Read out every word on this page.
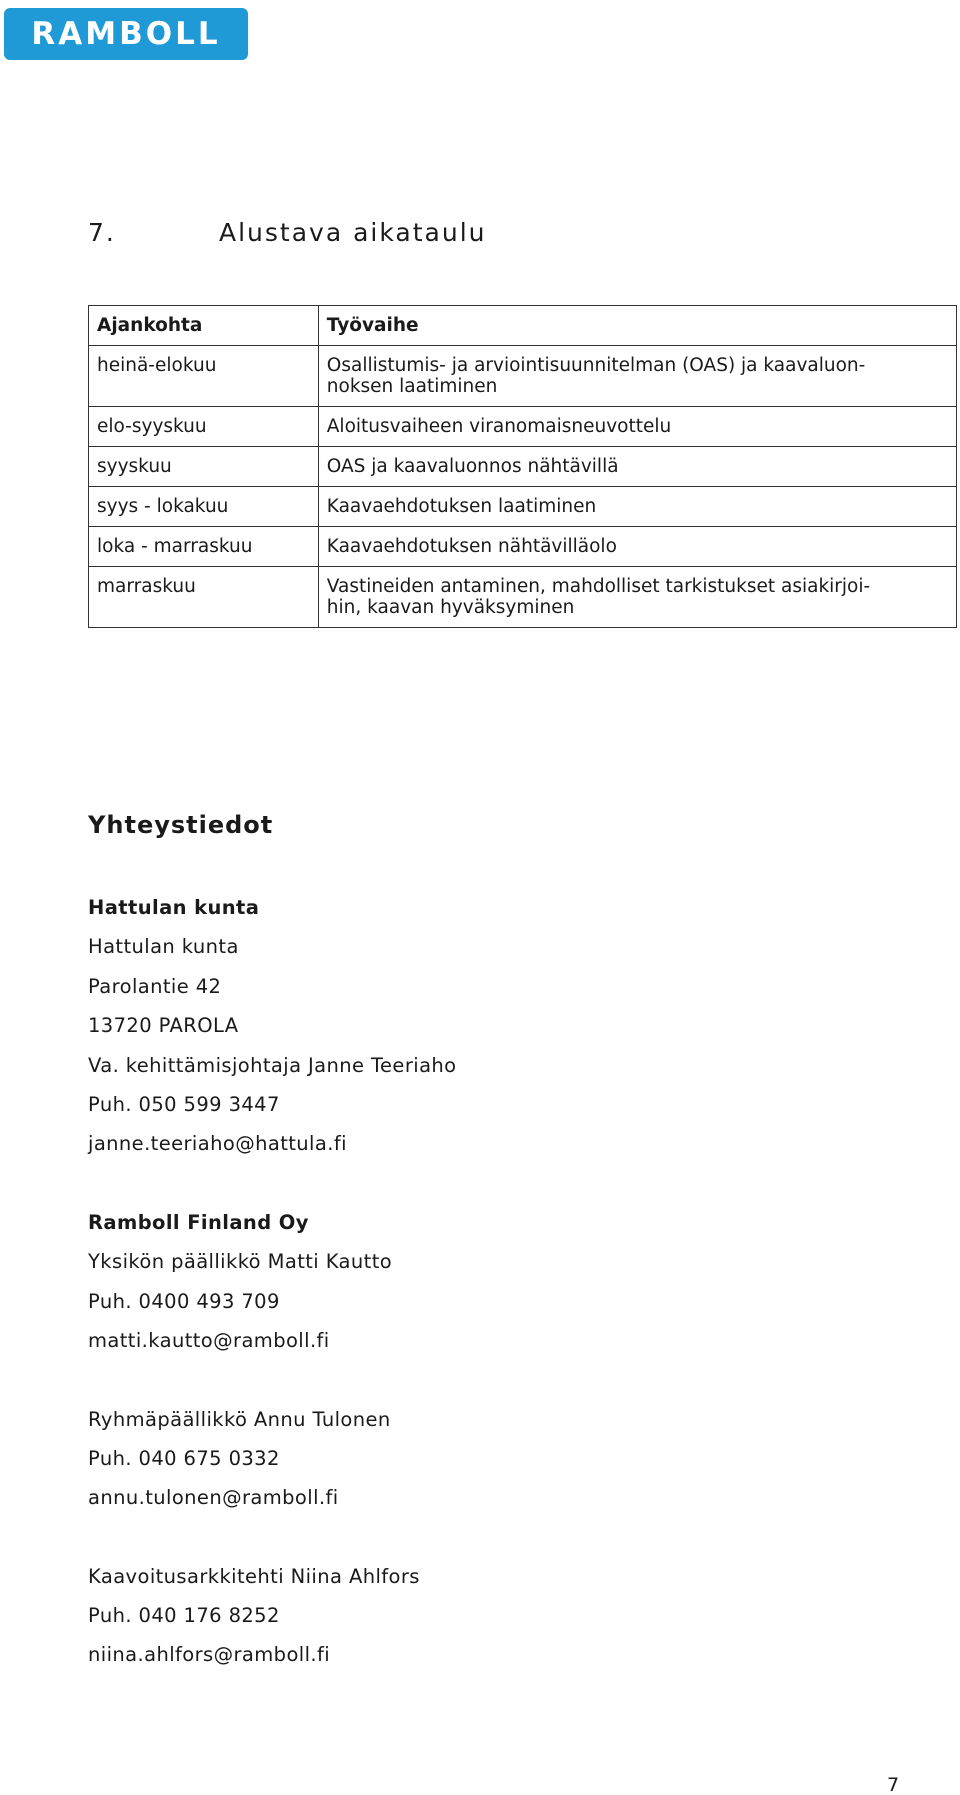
RAMBOLL
7.	Alustava aikataulu
Ajankohta	Työvaihe
heinä-elokuu	Osallistumis- ja arviointisuunnitelman (OAS) ja kaavaluon-
noksen laatiminen
elo-syyskuu	Aloitusvaiheen viranomaisneuvottelu
syyskuu	OAS ja kaavaluonnos nähtävillä
syys - lokakuu	Kaavaehdotuksen laatiminen
loka - marraskuu	Kaavaehdotuksen nähtävilläolo
marraskuu	Vastineiden antaminen, mahdolliset tarkistukset asiakirjoi-
hin, kaavan hyväksyminen
Yhteystiedot
Hattulan kunta
Hattulan kunta
Parolantie 42
13720 PAROLA
Va. kehittämisjohtaja Janne Teeriaho
Puh. 050 599 3447
janne.teeriaho@hattula.fi
Ramboll Finland Oy
Yksikön päällikkö Matti Kautto
Puh. 0400 493 709
matti.kautto@ramboll.fi
Ryhmäpäällikkö Annu Tulonen
Puh. 040 675 0332
annu.tulonen@ramboll.fi
Kaavoitusarkkitehti Niina Ahlfors
Puh. 040 176 8252
niina.ahlfors@ramboll.fi
7
